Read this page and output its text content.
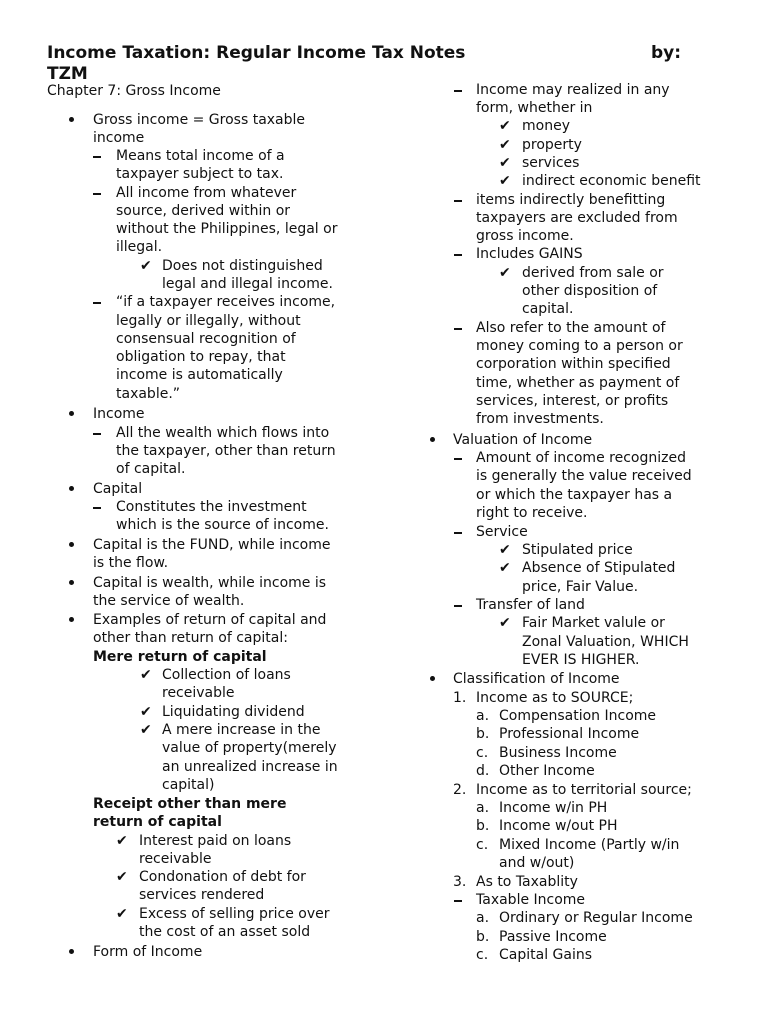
Income Taxation: Regular Income Tax Notes	by:
TZM
Chapter 7: Gross Income
Gross income = Gross taxable
income
Means total income of a
taxpayer subject to tax.
All income from whatever
source, derived within or
without the Philippines, legal or
illegal.
✔ Does not distinguished
legal and illegal income.
“if a taxpayer receives income,
legally or illegally, without
consensual recognition of
obligation to repay, that
income is automatically
taxable.”
Income
All the wealth which flows into
the taxpayer, other than return
of capital.
Capital
Constitutes the investment
which is the source of income.
Capital is the FUND, while income
is the flow.
Capital is wealth, while income is
the service of wealth.
Examples of return of capital and
other than return of capital:
Mere return of capital
✔ Collection of loans
receivable
✔ Liquidating dividend
✔ A mere increase in the
value of property(merely
an unrealized increase in
capital)
Receipt other than mere
return of capital
✔ Interest paid on loans
receivable
✔ Condonation of debt for
services rendered
✔ Excess of selling price over
the cost of an asset sold
Form of Income
Income may realized in any
form, whether in
✔ money
✔ property
✔ services
✔ indirect economic benefit
items indirectly benefitting
taxpayers are excluded from
gross income.
Includes GAINS
✔ derived from sale or
other disposition of
capital.
Also refer to the amount of
money coming to a person or
corporation within specified
time, whether as payment of
services, interest, or profits
from investments.
Valuation of Income
Amount of income recognized
is generally the value received
or which the taxpayer has a
right to receive.
Service
✔ Stipulated price
✔ Absence of Stipulated
price, Fair Value.
Transfer of land
✔ Fair Market valule or
Zonal Valuation, WHICH
EVER IS HIGHER.
Classification of Income
1. Income as to SOURCE;
a. Compensation Income
b. Professional Income
c. Business Income
d. Other Income
2. Income as to territorial source;
a. Income w/in PH
b. Income w/out PH
c. Mixed Income (Partly w/in
and w/out)
3. As to Taxablity
Taxable Income
a. Ordinary or Regular Income
b. Passive Income
c. Capital Gains
